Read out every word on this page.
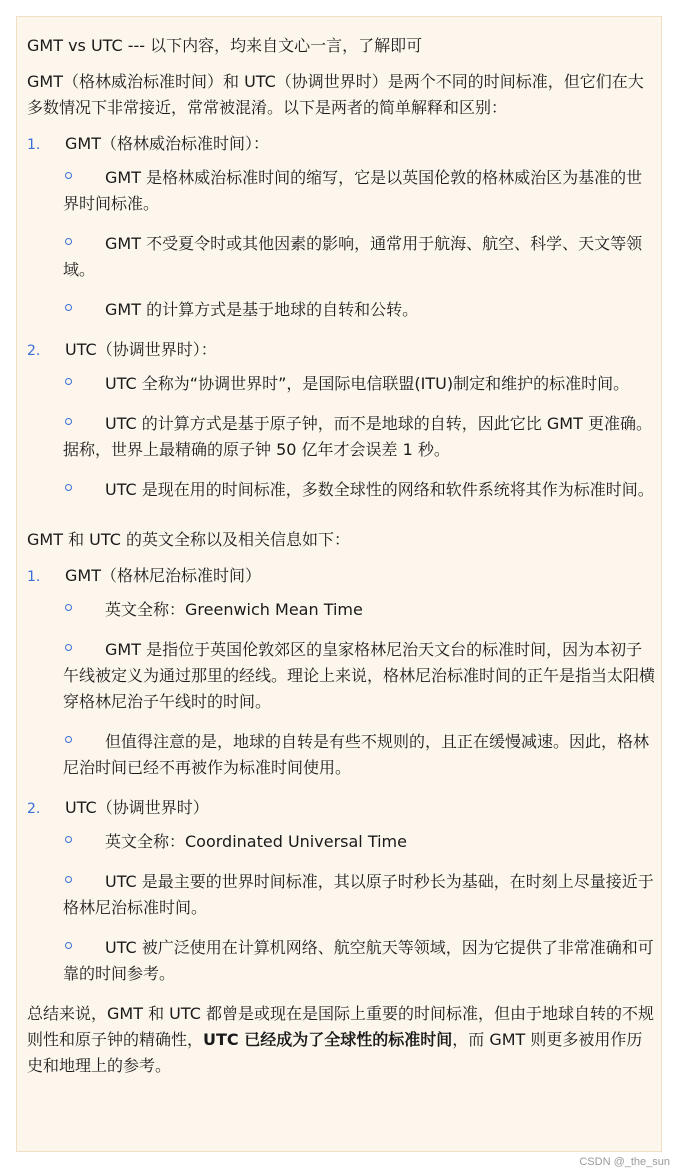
GMT vs UTC --- 以下内容，均来自文心一言，了解即可

GMT（格林威治标准时间）和 UTC（协调世界时）是两个不同的时间标准，但它们在大多数情况下非常接近，常常被混淆。以下是两者的简单解释和区别：

1.	GMT（格林威治标准时间）：
GMT 是格林威治标准时间的缩写，它是以英国伦敦的格林威治区为基准的世界时间标准。
GMT 不受夏令时或其他因素的影响，通常用于航海、航空、科学、天文等领域。
GMT 的计算方式是基于地球的自转和公转。
2.	UTC（协调世界时）：
UTC 全称为“协调世界时”，是国际电信联盟(ITU)制定和维护的标准时间。
UTC 的计算方式是基于原子钟，而不是地球的自转，因此它比 GMT 更准确。据称，世界上最精确的原子钟 50 亿年才会误差 1 秒。
UTC 是现在用的时间标准，多数全球性的网络和软件系统将其作为标准时间。

GMT 和 UTC 的英文全称以及相关信息如下：

1.	GMT（格林尼治标准时间）
英文全称：Greenwich Mean Time
GMT 是指位于英国伦敦郊区的皇家格林尼治天文台的标准时间，因为本初子午线被定义为通过那里的经线。理论上来说，格林尼治标准时间的正午是指当太阳横穿格林尼治子午线时的时间。
但值得注意的是，地球的自转是有些不规则的，且正在缓慢减速。因此，格林尼治时间已经不再被作为标准时间使用。
2.	UTC（协调世界时）
英文全称：Coordinated Universal Time
UTC 是最主要的世界时间标准，其以原子时秒长为基础，在时刻上尽量接近于格林尼治标准时间。
UTC 被广泛使用在计算机网络、航空航天等领域，因为它提供了非常准确和可靠的时间参考。

总结来说，GMT 和 UTC 都曾是或现在是国际上重要的时间标准，但由于地球自转的不规则性和原子钟的精确性，UTC 已经成为了全球性的标准时间，而 GMT 则更多被用作历史和地理上的参考。

CSDN @_the_sun
